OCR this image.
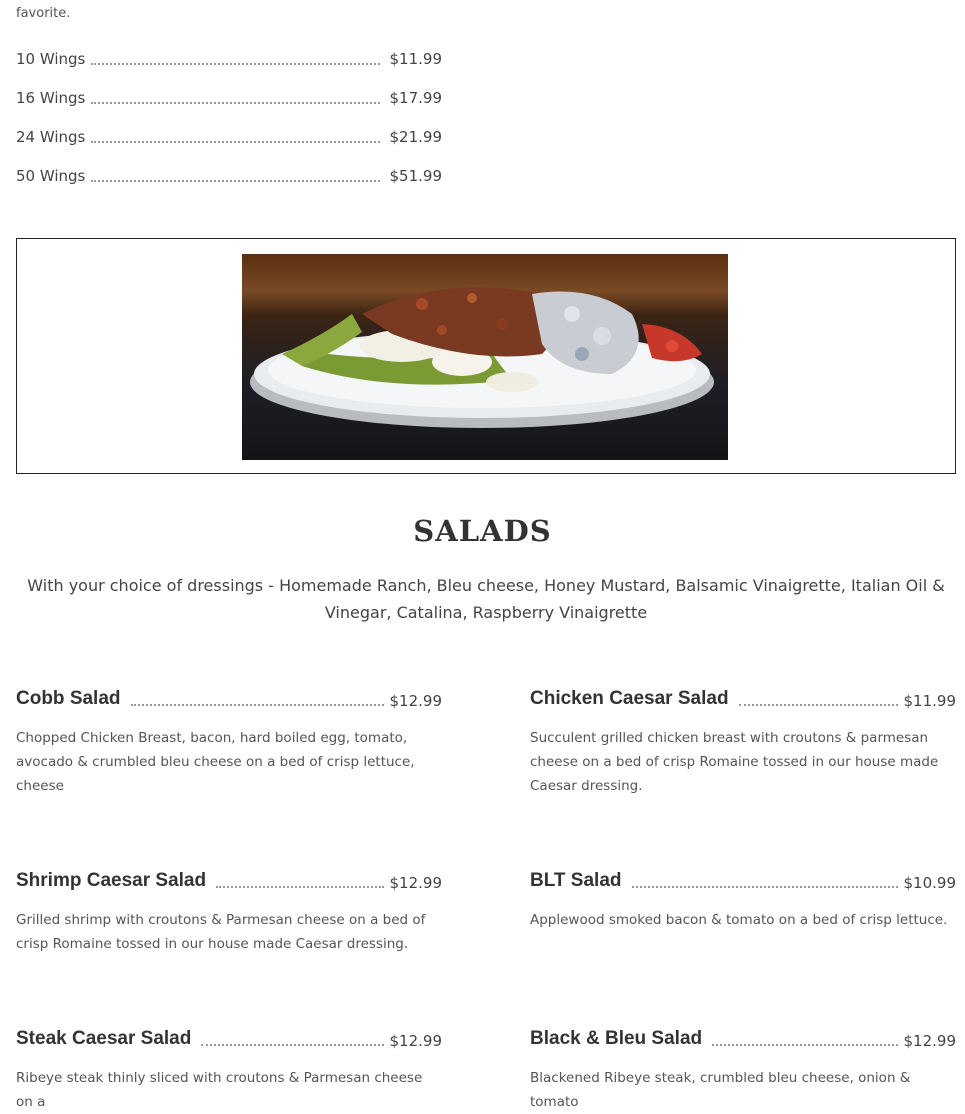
favorite.
10 Wings	$11.99
16 Wings	$17.99
24 Wings	$21.99
50 Wings	$51.99
SALADS
With your choice of dressings - Homemade Ranch, Bleu cheese, Honey Mustard, Balsamic Vinaigrette, Italian Oil & Vinegar, Catalina, Raspberry Vinaigrette
Cobb Salad	$12.99
Chopped Chicken Breast, bacon, hard boiled egg, tomato, avocado & crumbled bleu cheese on a bed of crisp lettuce, cheese
Chicken Caesar Salad	$11.99
Succulent grilled chicken breast with croutons & parmesan cheese on a bed of crisp Romaine tossed in our house made Caesar dressing.
Shrimp Caesar Salad	$12.99
Grilled shrimp with croutons & Parmesan cheese on a bed of crisp Romaine tossed in our house made Caesar dressing.
BLT Salad	$10.99
Applewood smoked bacon & tomato on a bed of crisp lettuce.
Steak Caesar Salad	$12.99
Ribeye steak thinly sliced with croutons & Parmesan cheese on a
Black & Bleu Salad	$12.99
Blackened Ribeye steak, crumbled bleu cheese, onion & tomato
